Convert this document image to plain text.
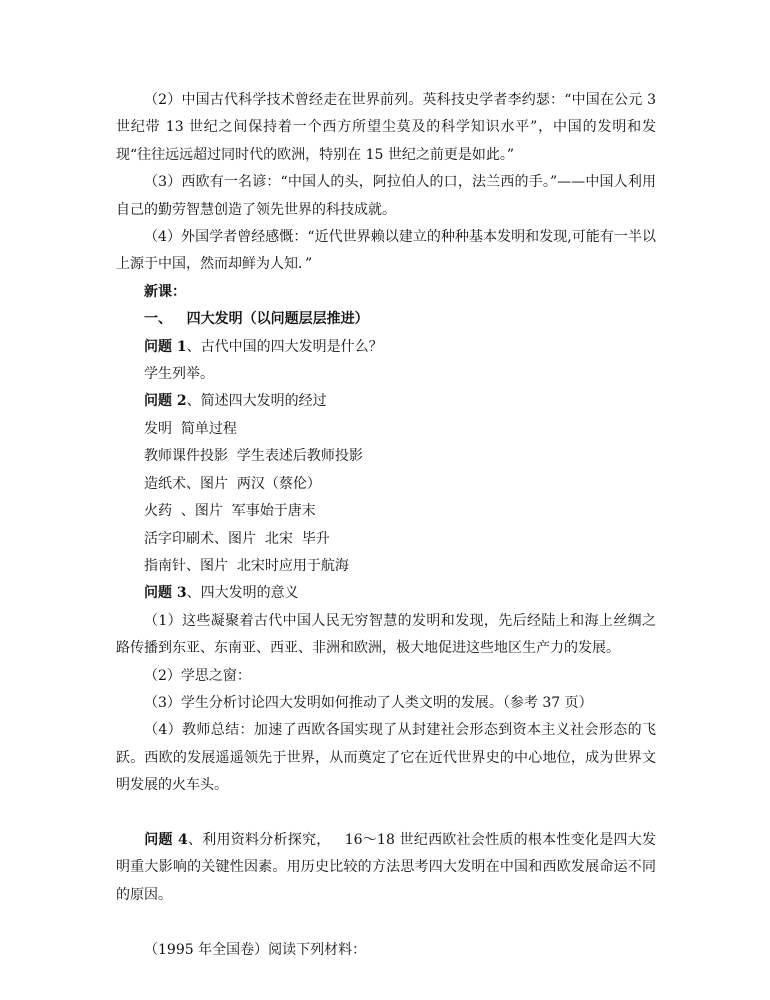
（2）中国古代科学技术曾经走在世界前列。英科技史学者李约瑟：“中国在公元 3 世纪带 13 世纪之间保持着一个西方所望尘莫及的科学知识水平”，中国的发明和发现“往往远远超过同时代的欧洲，特别在 15 世纪之前更是如此。”

（3）西欧有一名谚：“中国人的头，阿拉伯人的口，法兰西的手。”——中国人利用自己的勤劳智慧创造了领先世界的科技成就。

（4）外国学者曾经感慨：“近代世界赖以建立的种种基本发明和发现,可能有一半以上源于中国，然而却鲜为人知．”

新课：

一、   四大发明（以问题层层推进）

问题 1、古代中国的四大发明是什么？

学生列举。

问题 2、简述四大发明的经过

发明  简单过程

教师课件投影  学生表述后教师投影

造纸术、图片  两汉（蔡伦）

火药  、图片  军事始于唐末

活字印刷术、图片  北宋  毕升

指南针、图片  北宋时应用于航海

问题 3、四大发明的意义

（1）这些凝聚着古代中国人民无穷智慧的发明和发现，先后经陆上和海上丝绸之路传播到东亚、东南亚、西亚、非洲和欧洲，极大地促进这些地区生产力的发展。

（2）学思之窗：

（3）学生分析讨论四大发明如何推动了人类文明的发展。（参考 37 页）

（4）教师总结：加速了西欧各国实现了从封建社会形态到资本主义社会形态的飞跃。西欧的发展遥遥领先于世界，从而奠定了它在近代世界史的中心地位，成为世界文明发展的火车头。

问题 4、利用资料分析探究，   16～18 世纪西欧社会性质的根本性变化是四大发明重大影响的关键性因素。用历史比较的方法思考四大发明在中国和西欧发展命运不同的原因。

（1995 年全国卷）阅读下列材料：
